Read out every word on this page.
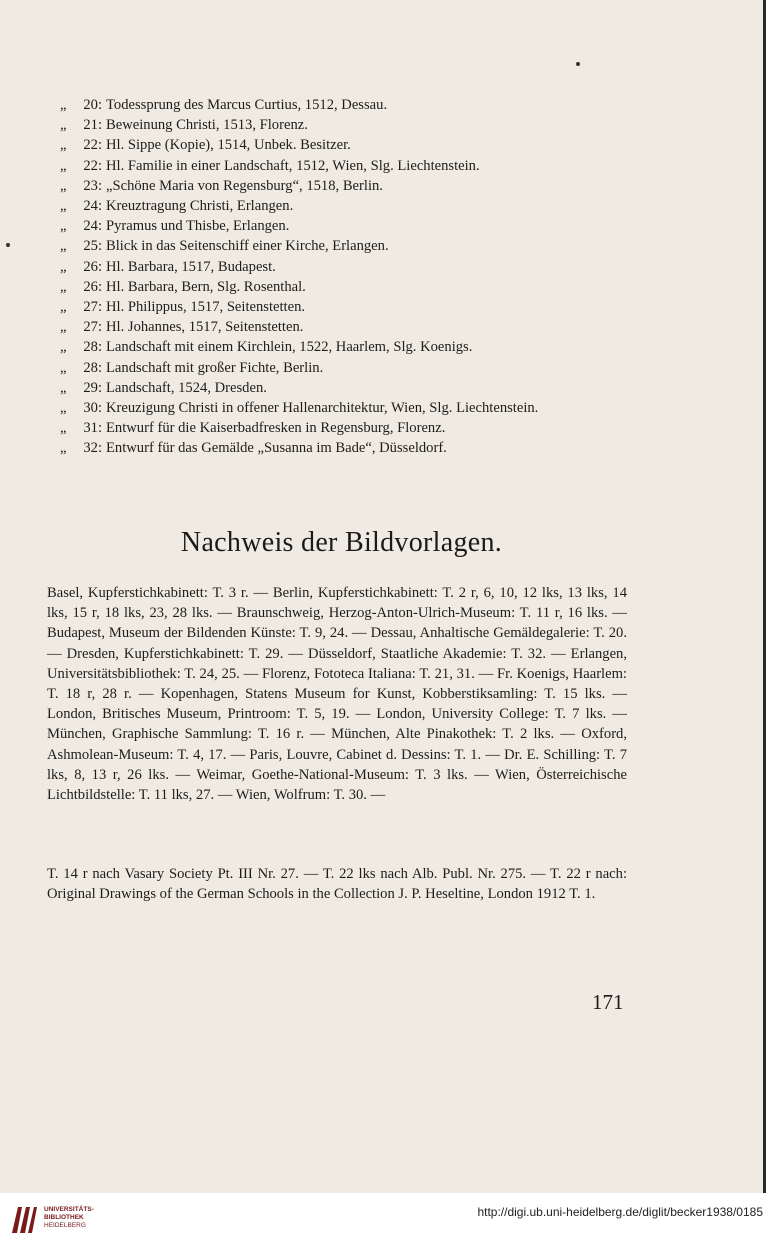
„	20: Todessprung des Marcus Curtius, 1512, Dessau.
„	21: Beweinung Christi, 1513, Florenz.
„	22: Hl. Sippe (Kopie), 1514, Unbek. Besitzer.
„	22: Hl. Familie in einer Landschaft, 1512, Wien, Slg. Liechtenstein.
„	23: „Schöne Maria von Regensburg“, 1518, Berlin.
„	24: Kreuztragung Christi, Erlangen.
„	24: Pyramus und Thisbe, Erlangen.
„	25: Blick in das Seitenschiff einer Kirche, Erlangen.
„	26: Hl. Barbara, 1517, Budapest.
„	26: Hl. Barbara, Bern, Slg. Rosenthal.
„	27: Hl. Philippus, 1517, Seitenstetten.
„	27: Hl. Johannes, 1517, Seitenstetten.
„	28: Landschaft mit einem Kirchlein, 1522, Haarlem, Slg. Koenigs.
„	28: Landschaft mit großer Fichte, Berlin.
„	29: Landschaft, 1524, Dresden.
„	30: Kreuzigung Christi in offener Hallenarchitektur, Wien, Slg. Liechtenstein.
„	31: Entwurf für die Kaiserbadfresken in Regensburg, Florenz.
„	32: Entwurf für das Gemälde „Susanna im Bade“, Düsseldorf.
Nachweis der Bildvorlagen.

Basel, Kupferstichkabinett: T. 3 r. — Berlin, Kupferstichkabinett: T. 2 r, 6, 10, 12 lks, 13 lks, 14 lks, 15 r, 18 lks, 23, 28 lks. — Braunschweig, Herzog-Anton-Ulrich-Museum: T. 11 r, 16 lks. — Budapest, Museum der Bildenden Künste: T. 9, 24. — Dessau, Anhaltische Gemäldegalerie: T. 20. — Dresden, Kupferstichkabinett: T. 29. — Düsseldorf, Staatliche Akademie: T. 32. — Erlangen, Universitätsbibliothek: T. 24, 25. — Florenz, Fototeca Italiana: T. 21, 31. — Fr. Koenigs, Haarlem: T. 18 r, 28 r. — Kopenhagen, Statens Museum for Kunst, Kobberstiksamling: T. 15 lks. — London, Britisches Museum, Printroom: T. 5, 19. — London, University College: T. 7 lks. — München, Graphische Sammlung: T. 16 r. — München, Alte Pinakothek: T. 2 lks. — Oxford, Ashmolean-Museum: T. 4, 17. — Paris, Louvre, Cabinet d. Dessins: T. 1. — Dr. E. Schilling: T. 7 lks, 8, 13 r, 26 lks. — Weimar, Goethe-National-Museum: T. 3 lks. — Wien, Österreichische Lichtbildstelle: T. 11 lks, 27. — Wien, Wolfrum: T. 30. —

T. 14 r nach Vasary Society Pt. III Nr. 27. — T. 22 lks nach Alb. Publ. Nr. 275. — T. 22 r nach: Original Drawings of the German Schools in the Collection J. P. Heseltine, London 1912 T. 1.

171
UNIVERSITÄTS-
BIBLIOTHEK
HEIDELBERG
http://digi.ub.uni-heidelberg.de/diglit/becker1938/0185
